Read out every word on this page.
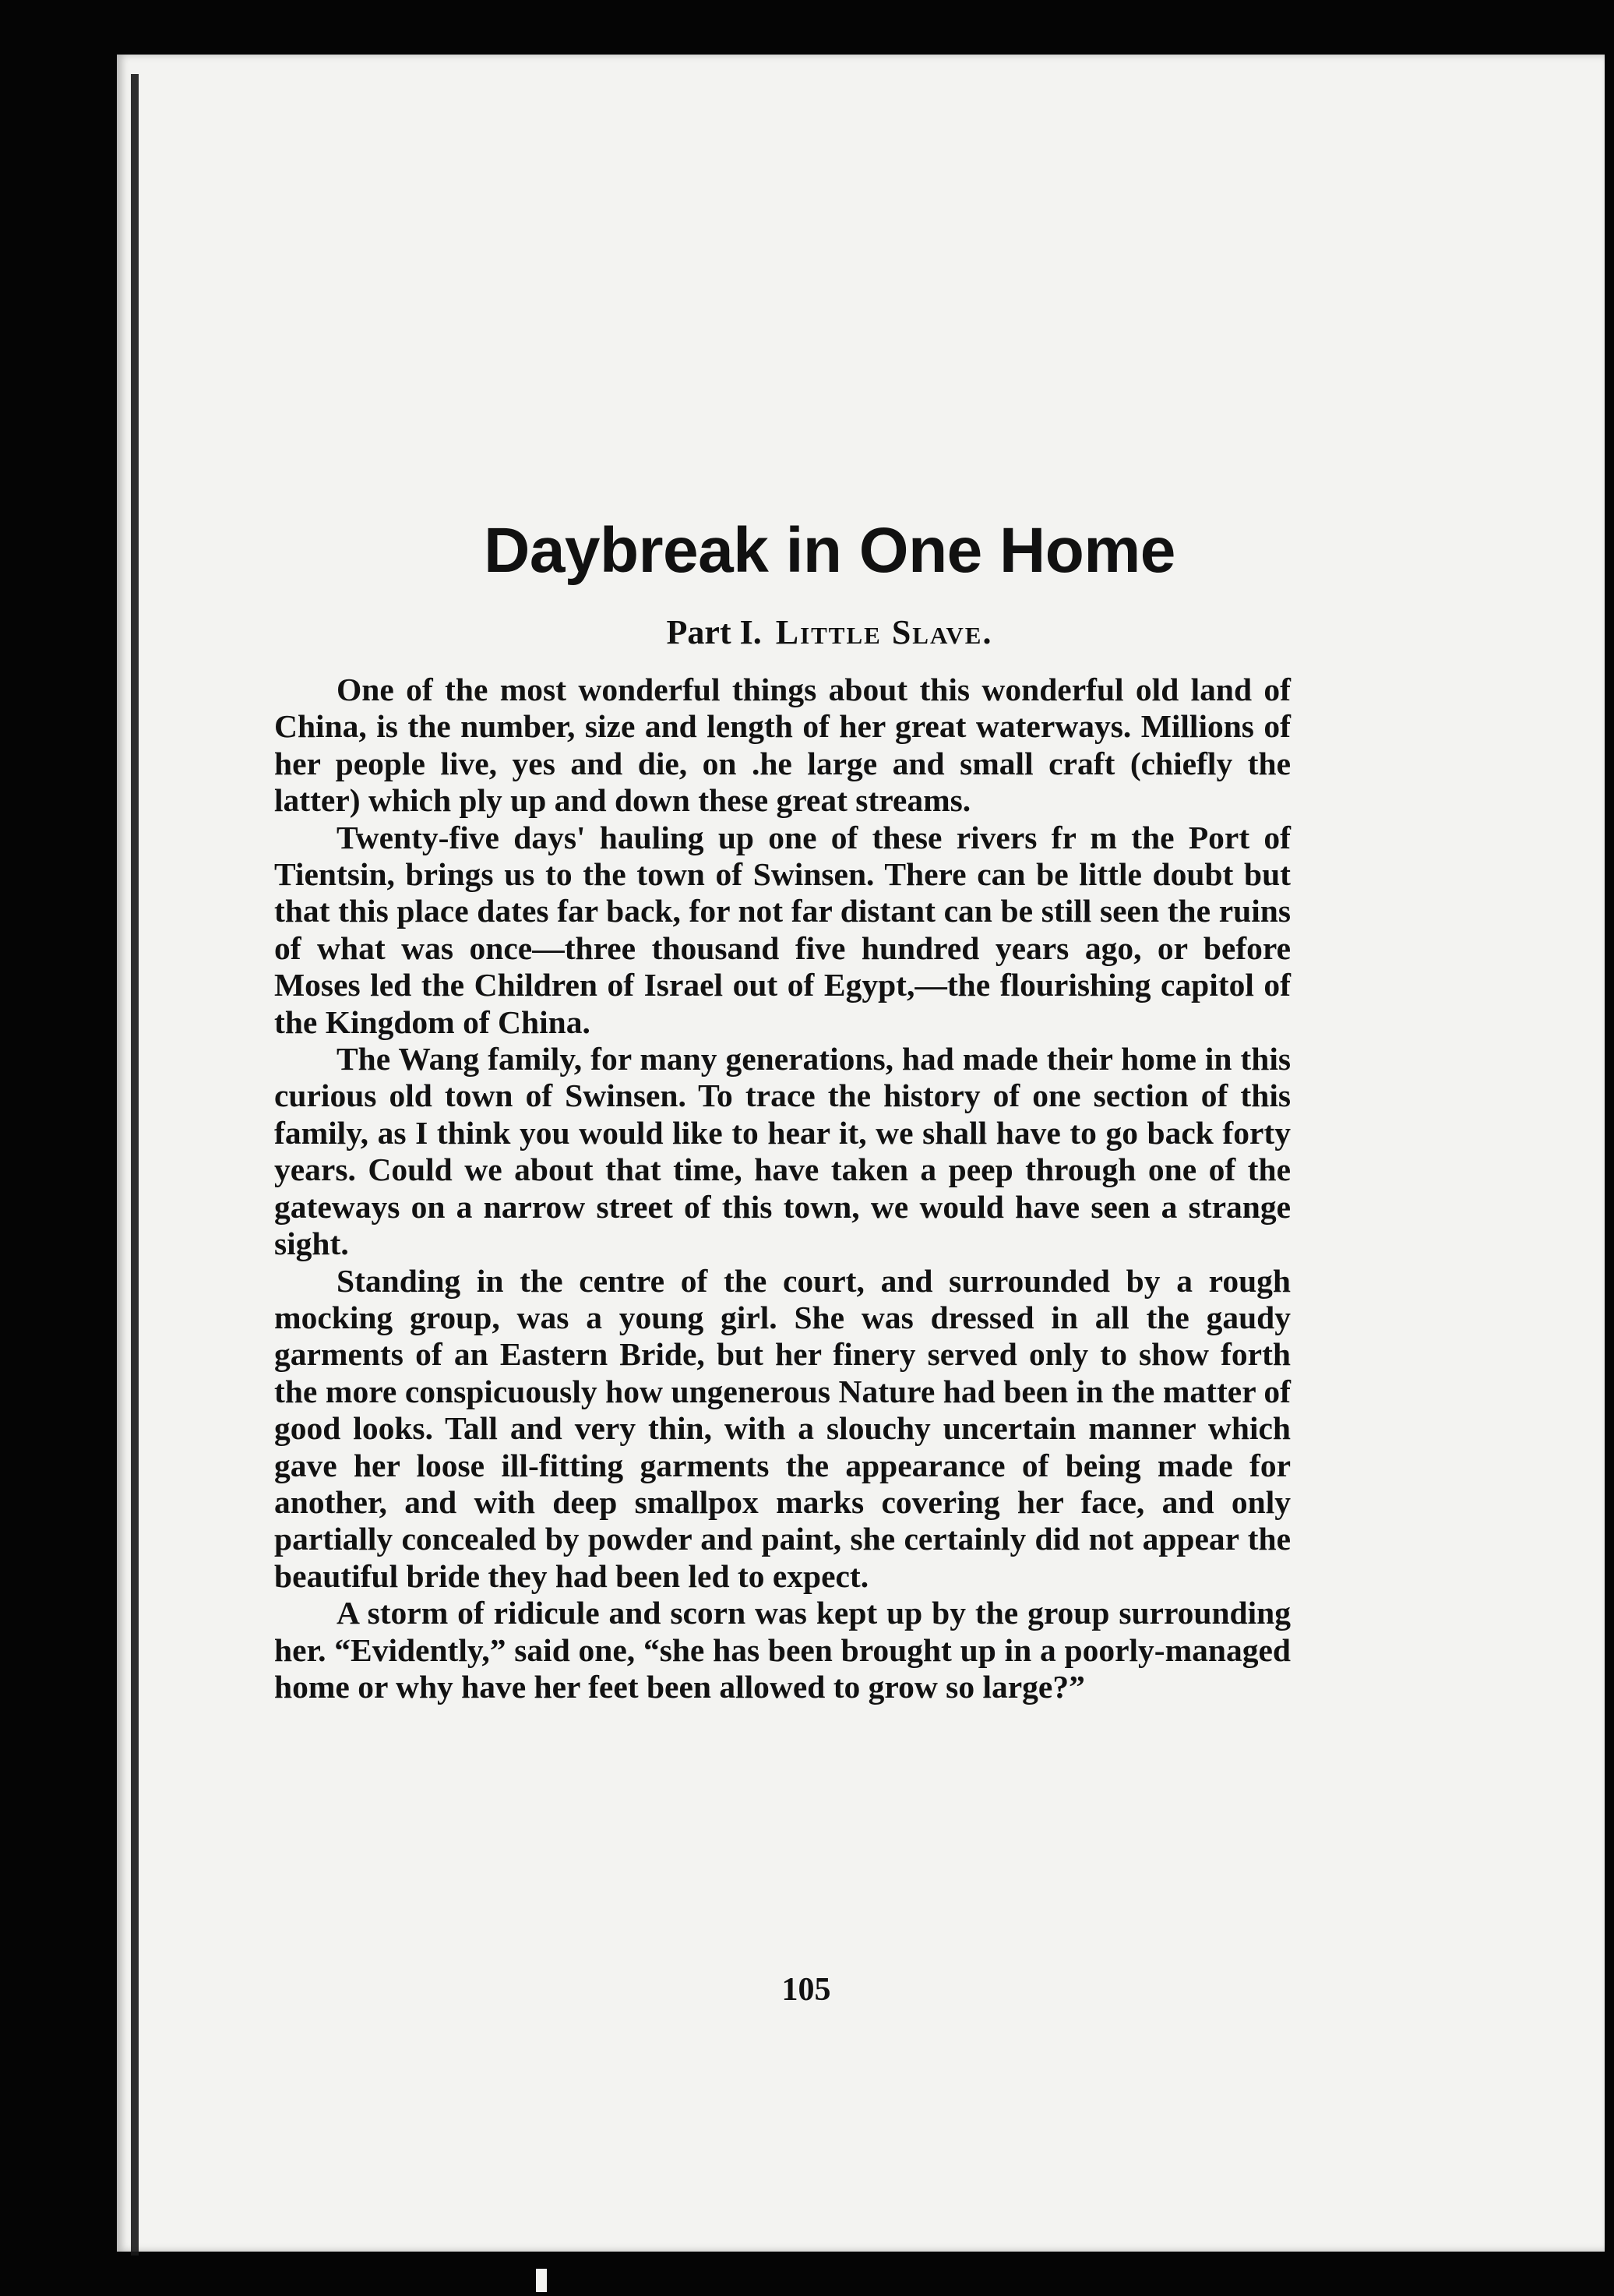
Daybreak in One Home
Part I. Little Slave.

One of the most wonderful things about this wonderful old land of China, is the number, size and length of her great waterways. Millions of her people live, yes and die, on .he large and small craft (chiefly the latter) which ply up and down these great streams.

Twenty-five days' hauling up one of these rivers fr m the Port of Tientsin, brings us to the town of Swinsen. There can be little doubt but that this place dates far back, for not far distant can be still seen the ruins of what was once—three thousand five hundred years ago, or before Moses led the Children of Israel out of Egypt,—the flourishing capitol of the Kingdom of China.

The Wang family, for many generations, had made their home in this curious old town of Swinsen. To trace the history of one section of this family, as I think you would like to hear it, we shall have to go back forty years. Could we about that time, have taken a peep through one of the gateways on a narrow street of this town, we would have seen a strange sight.

Standing in the centre of the court, and surrounded by a rough mocking group, was a young girl. She was dressed in all the gaudy garments of an Eastern Bride, but her finery served only to show forth the more conspicuously how ungenerous Nature had been in the matter of good looks. Tall and very thin, with a slouchy uncertain manner which gave her loose ill-fitting garments the appearance of being made for another, and with deep smallpox marks covering her face, and only partially concealed by powder and paint, she certainly did not appear the beautiful bride they had been led to expect.

A storm of ridicule and scorn was kept up by the group surrounding her. “Evidently,” said one, “she has been brought up in a poorly-managed home or why have her feet been allowed to grow so large?”

105
